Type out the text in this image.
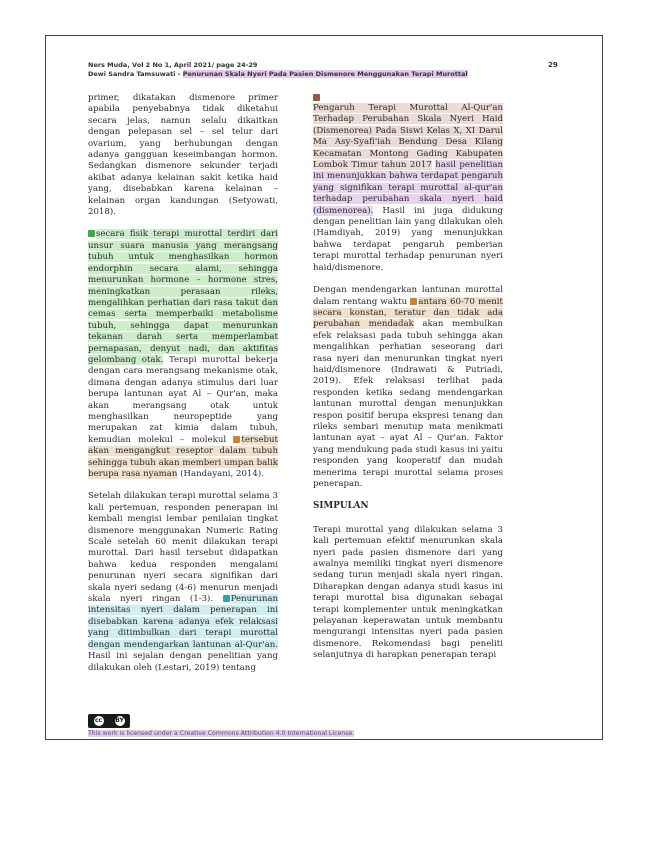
Ners Muda, Vol 2 No 1, April 2021/ page 24-29
Dewi Sandra Tamsuwati - Penurunan Skala Nyeri Pada Pasien Dismenore Menggunakan Terapi Murottal
29

primer, dikatakan dismenore primer apabila penyebabnya tidak diketahui secara jelas, namun selalu dikaitkan dengan pelepasan sel – sel telur dari ovarium, yang berhubungan dengan adanya gangguan keseimbangan hormon. Sedangkan dismenore sekunder terjadi akibat adanya kelainan sakit ketika haid yang, disebabkan karena kelainan – kelainan organ kandungan (Setyowati, 2018).

secara fisik terapi murottal terdiri dari unsur suara manusia yang merangsang tubuh untuk menghasilkan hormon endorphin secara alami, sehingga menurunkan hormone – hormone stres, meningkatkan perasaan rileks, mengalihkan perhatian dari rasa takut dan cemas serta memperbaiki metabolisme tubuh, sehingga dapat menurunkan tekanan darah serta memperlambat pernapasan, denyut nadi, dan aktifitas gelombang otak. Terapi murottal bekerja dengan cara merangsang mekanisme otak, dimana dengan adanya stimulus dari luar berupa lantunan ayat Al – Qur'an, maka akan merangsang otak untuk menghasilkan neuropeptide yang merupakan zat kimia dalam tubuh, kemudian molekul – molekul tersebut akan mengangkut reseptor dalam tubuh sehingga tubuh akan memberi umpan balik berupa rasa nyaman (Handayani, 2014).

Setelah dilakukan terapi murottal selama 3 kali pertemuan, responden penerapan ini kembali mengisi lembar penilaian tingkat dismenore menggunakan Numeric Rating Scale setelah 60 menit dilakukan terapi murottal. Dari hasil tersebut didapatkan bahwa kedua responden mengalami penurunan nyeri secara signifikan dari skala nyeri sedang (4-6) menurun menjadi skala nyeri ringan (1-3). Penurunan intensitas nyeri dalam penerapan ini disebabkan karena adanya efek relaksasi yang ditimbulkan dari terapi murottal dengan mendengarkan lantunan al-Qur'an. Hasil ini sejalan dengan penelitian yang dilakukan oleh (Lestari, 2019) tentang

Pengaruh Terapi Murottal Al-Qur'an Terhadap Perubahan Skala Nyeri Haid (Dismenorea) Pada Siswi Kelas X, XI Darul Ma Asy-Syafi'iah Bendung Desa Kilang Kecamatan Montong Gading Kabupaten Lombok Timur tahun 2017 hasil penelitian ini menunjukkan bahwa terdapat pengaruh yang signifikan terapi murottal al-qur'an terhadap perubahan skala nyeri haid (dismenorea). Hasil ini juga didukung dengan penelitian lain yang dilakukan oleh (Hamdiyah, 2019) yang menunjukkan bahwa terdapat pengaruh pemberian terapi murottal terhadap penurunan nyeri haid/dismenore.

Dengan mendengarkan lantunan murottal dalam rentang waktu antara 60-70 menit secara konstan, teratur dan tidak ada perubahan mendadak akan membulkan efek relaksasi pada tubuh sehingga akan mengalihkan perhatian seseorang dari rasa nyeri dan menurunkan tingkat nyeri haid/dismenore (Indrawati & Putriadi, 2019). Efek relaksasi terlihat pada responden ketika sedang mendengarkan lantunan murottal dengan menunjukkan respon positif berupa ekspresi tenang dan rileks sembari menutup mata menikmati lantunan ayat – ayat Al – Qur'an. Faktor yang mendukung pada studi kasus ini yaitu responden yang kooperatif dan mudah menerima terapi murottal selama proses penerapan.

SIMPULAN

Terapi murottal yang dilakukan selama 3 kali pertemuan efektif menurunkan skala nyeri pada pasien dismenore dari yang awalnya memiliki tingkat nyeri dismenore sedang turun menjadi skala nyeri ringan. Diharapkan dengan adanya studi kasus ini terapi murottal bisa digunakan sebagai terapi komplementer untuk meningkatkan pelayanan keperawatan untuk membantu mengurangi intensitas nyeri pada pasien dismenore. Rekomendasi bagi peneliti selanjutnya di harapkan penerapan terapi

cc BY
This work is licensed under a Creative Commons Attribution 4.0 International License.
